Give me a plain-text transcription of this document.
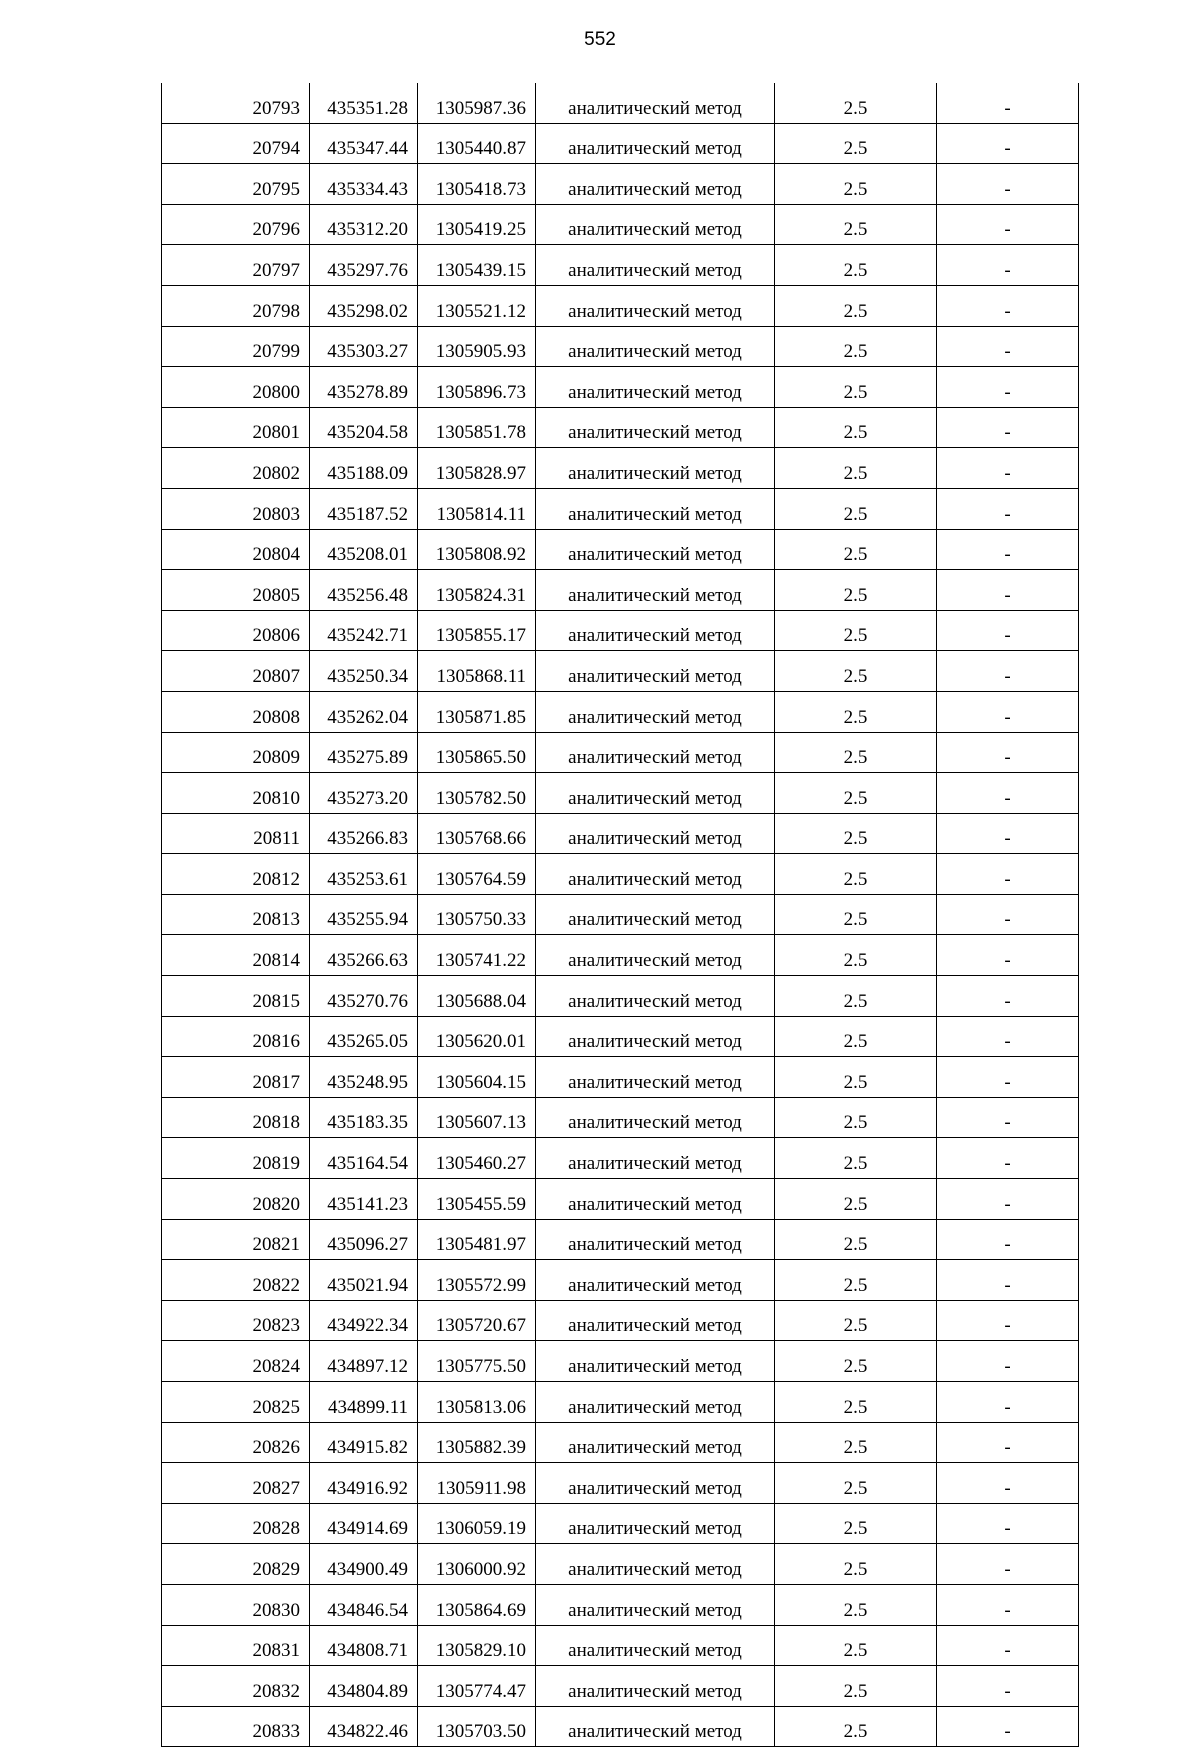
552
20793	435351.28	1305987.36	аналитический метод	2.5	-
20794	435347.44	1305440.87	аналитический метод	2.5	-
20795	435334.43	1305418.73	аналитический метод	2.5	-
20796	435312.20	1305419.25	аналитический метод	2.5	-
20797	435297.76	1305439.15	аналитический метод	2.5	-
20798	435298.02	1305521.12	аналитический метод	2.5	-
20799	435303.27	1305905.93	аналитический метод	2.5	-
20800	435278.89	1305896.73	аналитический метод	2.5	-
20801	435204.58	1305851.78	аналитический метод	2.5	-
20802	435188.09	1305828.97	аналитический метод	2.5	-
20803	435187.52	1305814.11	аналитический метод	2.5	-
20804	435208.01	1305808.92	аналитический метод	2.5	-
20805	435256.48	1305824.31	аналитический метод	2.5	-
20806	435242.71	1305855.17	аналитический метод	2.5	-
20807	435250.34	1305868.11	аналитический метод	2.5	-
20808	435262.04	1305871.85	аналитический метод	2.5	-
20809	435275.89	1305865.50	аналитический метод	2.5	-
20810	435273.20	1305782.50	аналитический метод	2.5	-
20811	435266.83	1305768.66	аналитический метод	2.5	-
20812	435253.61	1305764.59	аналитический метод	2.5	-
20813	435255.94	1305750.33	аналитический метод	2.5	-
20814	435266.63	1305741.22	аналитический метод	2.5	-
20815	435270.76	1305688.04	аналитический метод	2.5	-
20816	435265.05	1305620.01	аналитический метод	2.5	-
20817	435248.95	1305604.15	аналитический метод	2.5	-
20818	435183.35	1305607.13	аналитический метод	2.5	-
20819	435164.54	1305460.27	аналитический метод	2.5	-
20820	435141.23	1305455.59	аналитический метод	2.5	-
20821	435096.27	1305481.97	аналитический метод	2.5	-
20822	435021.94	1305572.99	аналитический метод	2.5	-
20823	434922.34	1305720.67	аналитический метод	2.5	-
20824	434897.12	1305775.50	аналитический метод	2.5	-
20825	434899.11	1305813.06	аналитический метод	2.5	-
20826	434915.82	1305882.39	аналитический метод	2.5	-
20827	434916.92	1305911.98	аналитический метод	2.5	-
20828	434914.69	1306059.19	аналитический метод	2.5	-
20829	434900.49	1306000.92	аналитический метод	2.5	-
20830	434846.54	1305864.69	аналитический метод	2.5	-
20831	434808.71	1305829.10	аналитический метод	2.5	-
20832	434804.89	1305774.47	аналитический метод	2.5	-
20833	434822.46	1305703.50	аналитический метод	2.5	-
